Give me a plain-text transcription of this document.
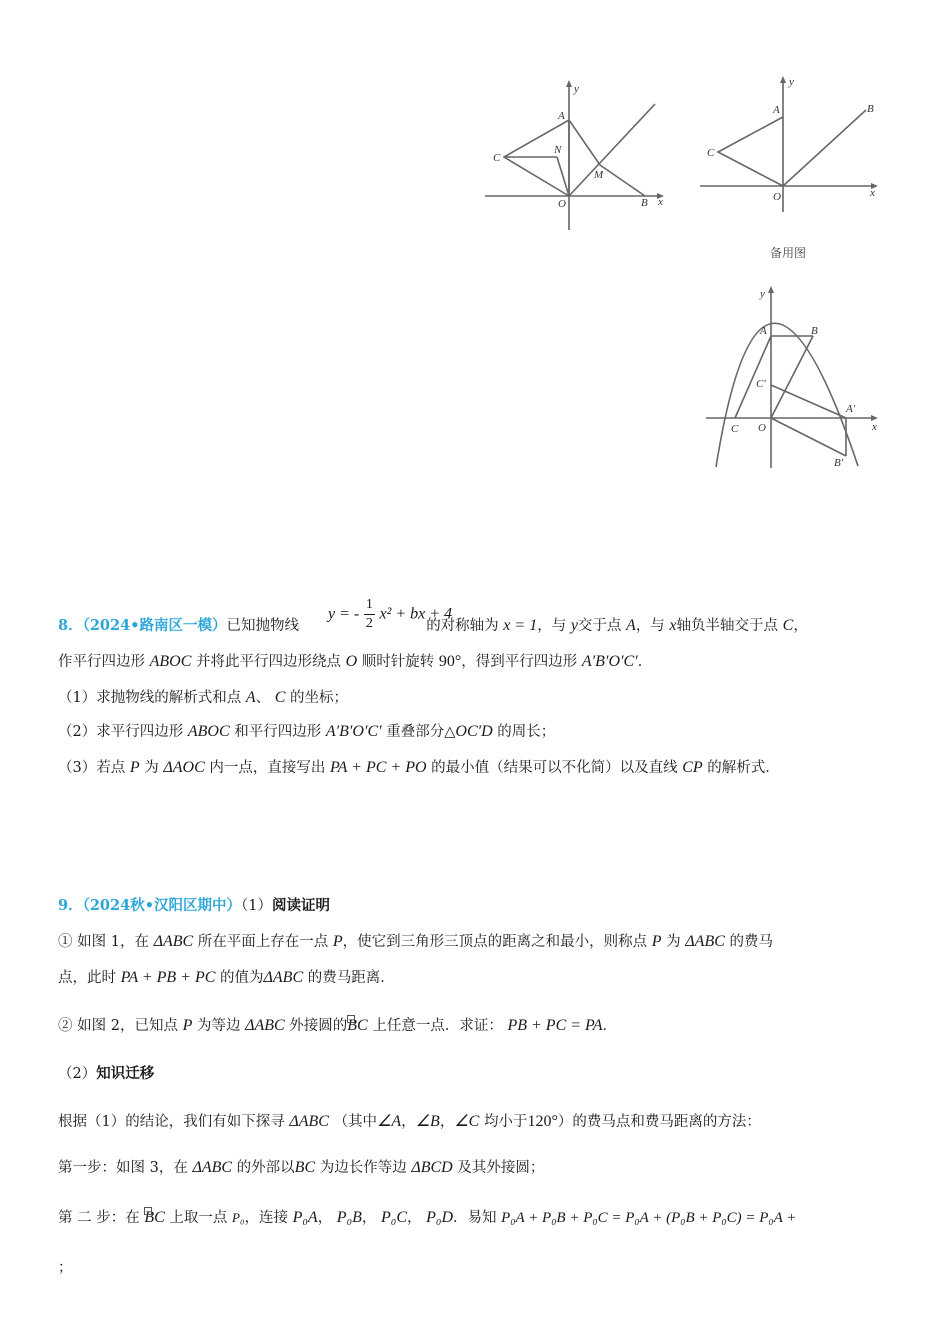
y
x
A
C
N
M
O	B
y
x
A	B
C
O
备用图
y
x
A	B
C′
C O
A′
B′
y = - $\frac{1}{2} x^2$ + bx + 4
8．（2024•路南区一模）已知抛物线	的对称轴为 x = 1，与 y交于点 A，与 x轴负半轴交于点 C，
作平行四边形 ABOC 并将此平行四边形绕点 O 顺时针旋转 90°，得到平行四边形 A′B′O′C′．
（1）求抛物线的解析式和点 A、 C 的坐标；
（2）求平行四边形 ABOC 和平行四边形 A′B′O′C′ 重叠部分△OC′D 的周长；
（3）若点 P 为 ΔAOC 内一点，直接写出 PA + PC + PO 的最小值（结果可以不化简）以及直线 CP 的解析式．
9．（2024秋•汉阳区期中）（1）阅读证明
① 如图 1，在 ΔABC 所在平面上存在一点 P，使它到三角形三顶点的距离之和最小，则称点 P 为 ΔABC 的费马
点，此时 PA + PB + PC 的值为ΔABC 的费马距离．
② 如图 2，已知点 P 为等边 ΔABC 外接圆的BC 上任意一点．求证： PB + PC = PA．
（2）知识迁移
根据（1）的结论，我们有如下探寻 ΔABC （其中∠A，∠B，∠C 均小于120°）的费马点和费马距离的方法：
第一步：如图 3，在 ΔABC 的外部以BC 为边长作等边 ΔBCD 及其外接圆；
第 二 步：在 BC 上取一点 P₀，连接 P₀A， P₀B， P₀C， P₀D．易知 P₀A + P₀B + P₀C = P₀A + (P₀B + P₀C) = P₀A +
；
